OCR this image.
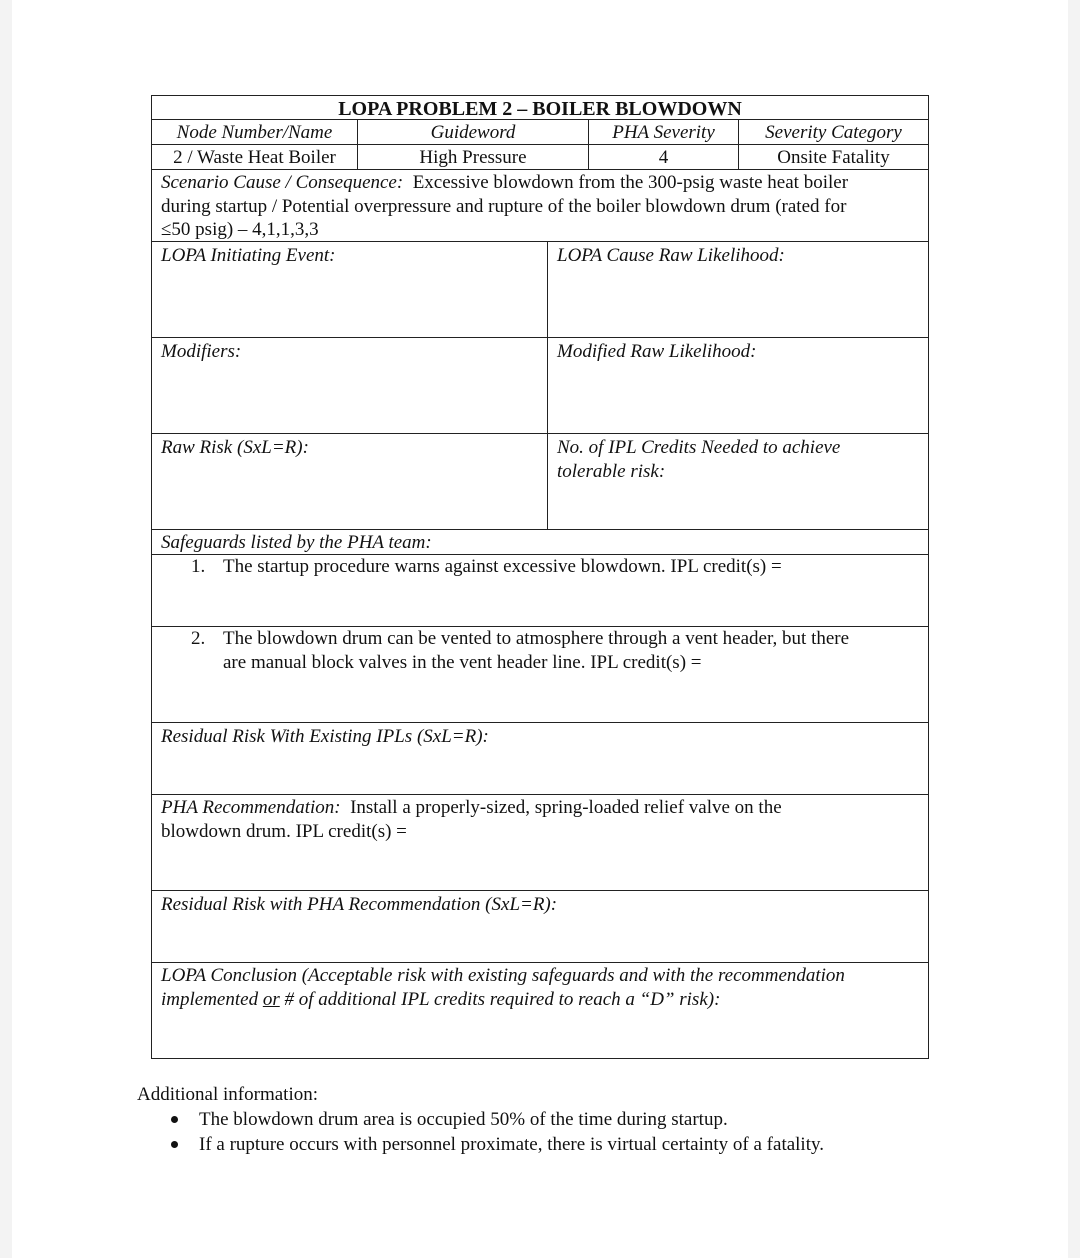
LOPA PROBLEM 2 – BOILER BLOWDOWN
Node Number/Name	Guideword	PHA Severity	Severity Category
2 / Waste Heat Boiler	High Pressure	4	Onsite Fatality
Scenario Cause / Consequence: Excessive blowdown from the 300-psig waste heat boiler
during startup / Potential overpressure and rupture of the boiler blowdown drum (rated for
≤50 psig) – 4,1,1,3,3
LOPA Initiating Event:	LOPA Cause Raw Likelihood:
Modifiers:	Modified Raw Likelihood:
Raw Risk (SxL=R):	No. of IPL Credits Needed to achieve
tolerable risk:
Safeguards listed by the PHA team:
1. The startup procedure warns against excessive blowdown. IPL credit(s) =
2. The blowdown drum can be vented to atmosphere through a vent header, but there
are manual block valves in the vent header line. IPL credit(s) =
Residual Risk With Existing IPLs (SxL=R):
PHA Recommendation: Install a properly-sized, spring-loaded relief valve on the
blowdown drum. IPL credit(s) =
Residual Risk with PHA Recommendation (SxL=R):
LOPA Conclusion (Acceptable risk with existing safeguards and with the recommendation
implemented or # of additional IPL credits required to reach a “D” risk):
Additional information:
The blowdown drum area is occupied 50% of the time during startup.
If a rupture occurs with personnel proximate, there is virtual certainty of a fatality.
